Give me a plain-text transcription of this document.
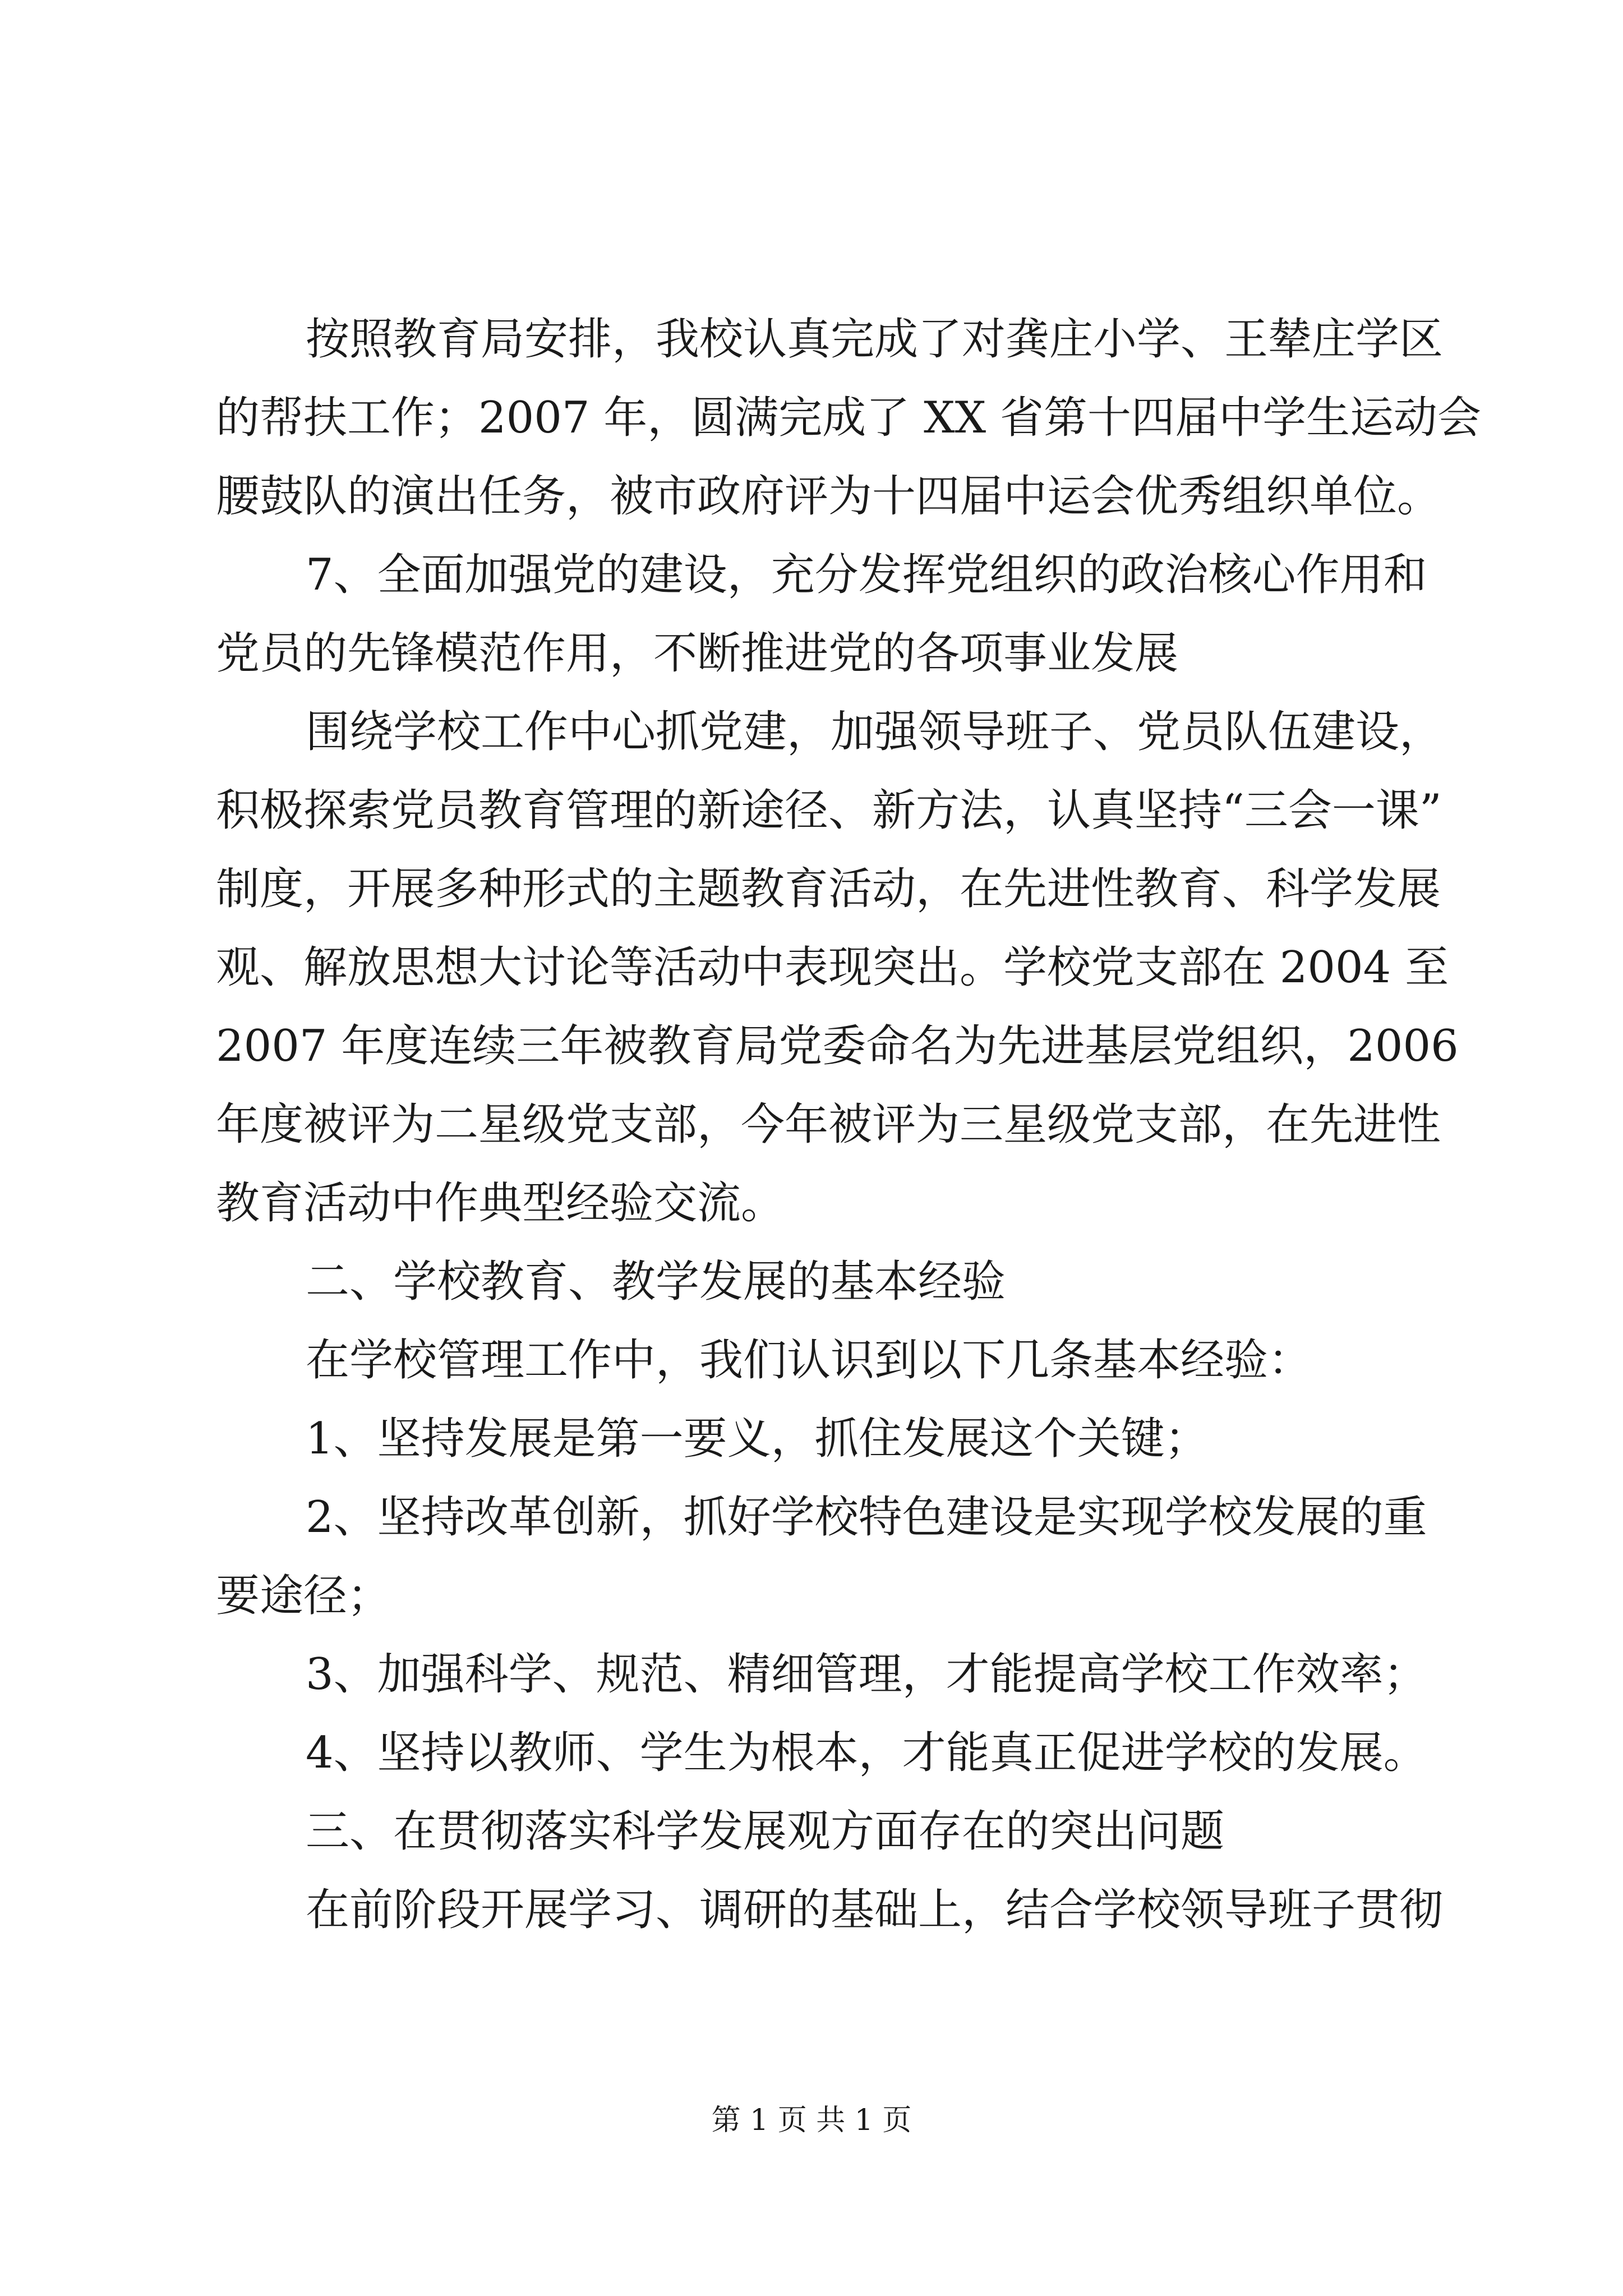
按照教育局安排，我校认真完成了对龚庄小学、王辇庄学区
的帮扶工作；2007 年，圆满完成了 XX 省第十四届中学生运动会
腰鼓队的演出任务，被市政府评为十四届中运会优秀组织单位。
7、全面加强党的建设，充分发挥党组织的政治核心作用和
党员的先锋模范作用，不断推进党的各项事业发展
围绕学校工作中心抓党建，加强领导班子、党员队伍建设，
积极探索党员教育管理的新途径、新方法，认真坚持“三会一课”
制度，开展多种形式的主题教育活动，在先进性教育、科学发展
观、解放思想大讨论等活动中表现突出。学校党支部在 2004 至
2007 年度连续三年被教育局党委命名为先进基层党组织，2006
年度被评为二星级党支部，今年被评为三星级党支部，在先进性
教育活动中作典型经验交流。
二、学校教育、教学发展的基本经验
在学校管理工作中，我们认识到以下几条基本经验：
1、坚持发展是第一要义，抓住发展这个关键；
2、坚持改革创新，抓好学校特色建设是实现学校发展的重
要途径；
3、加强科学、规范、精细管理，才能提高学校工作效率；
4、坚持以教师、学生为根本，才能真正促进学校的发展。
三、在贯彻落实科学发展观方面存在的突出问题
在前阶段开展学习、调研的基础上，结合学校领导班子贯彻
第 1 页 共 1 页
